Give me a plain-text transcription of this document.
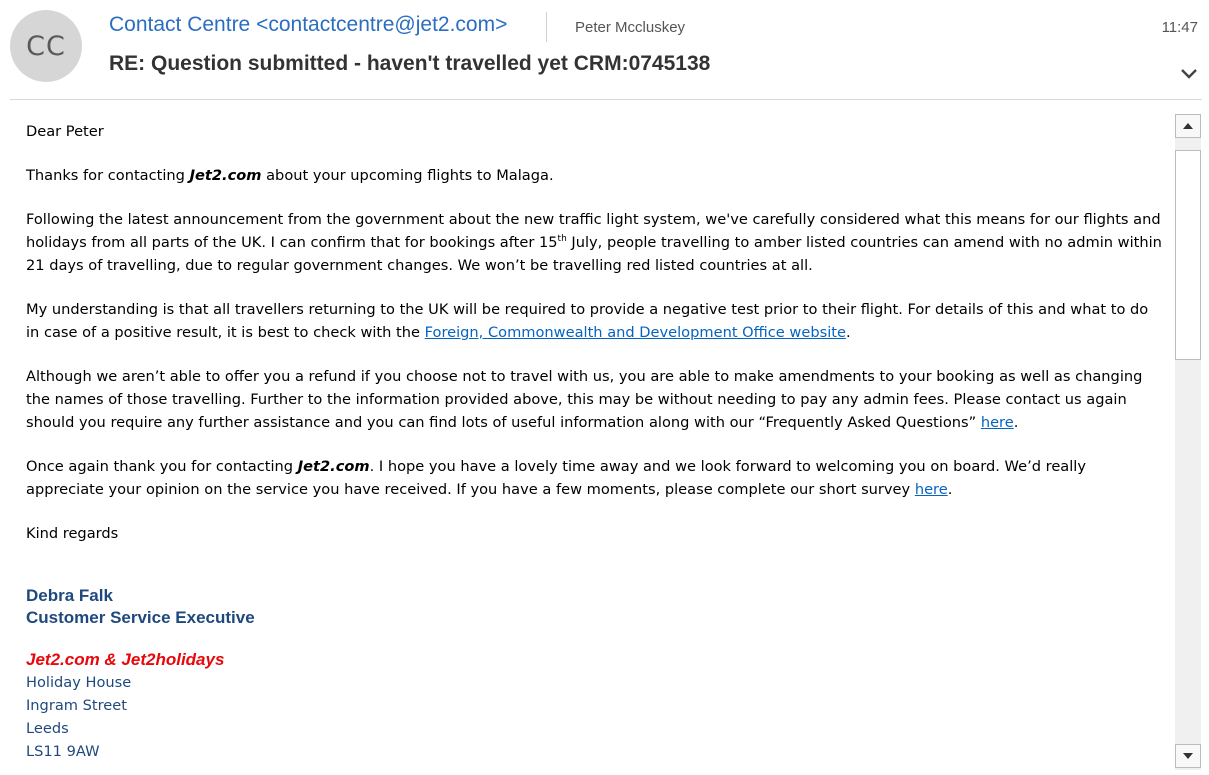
CC
Contact Centre <contactcentre@jet2.com>	Peter Mccluskey	11:47
RE: Question submitted - haven't travelled yet CRM:0745138

Dear Peter

Thanks for contacting Jet2.com about your upcoming flights to Malaga.

Following the latest announcement from the government about the new traffic light system, we've carefully considered what this means for our flights and holidays from all parts of the UK. I can confirm that for bookings after 15th July, people travelling to amber listed countries can amend with no admin within 21 days of travelling, due to regular government changes. We won’t be travelling red listed countries at all.

My understanding is that all travellers returning to the UK will be required to provide a negative test prior to their flight. For details of this and what to do in case of a positive result, it is best to check with the Foreign, Commonwealth and Development Office website.

Although we aren’t able to offer you a refund if you choose not to travel with us, you are able to make amendments to your booking as well as changing the names of those travelling. Further to the information provided above, this may be without needing to pay any admin fees. Please contact us again should you require any further assistance and you can find lots of useful information along with our “Frequently Asked Questions” here.

Once again thank you for contacting Jet2.com. I hope you have a lovely time away and we look forward to welcoming you on board. We’d really appreciate your opinion on the service you have received. If you have a few moments, please complete our short survey here.

Kind regards

Debra Falk
Customer Service Executive
Jet2.com & Jet2holidays
Holiday House
Ingram Street
Leeds
LS11 9AW
